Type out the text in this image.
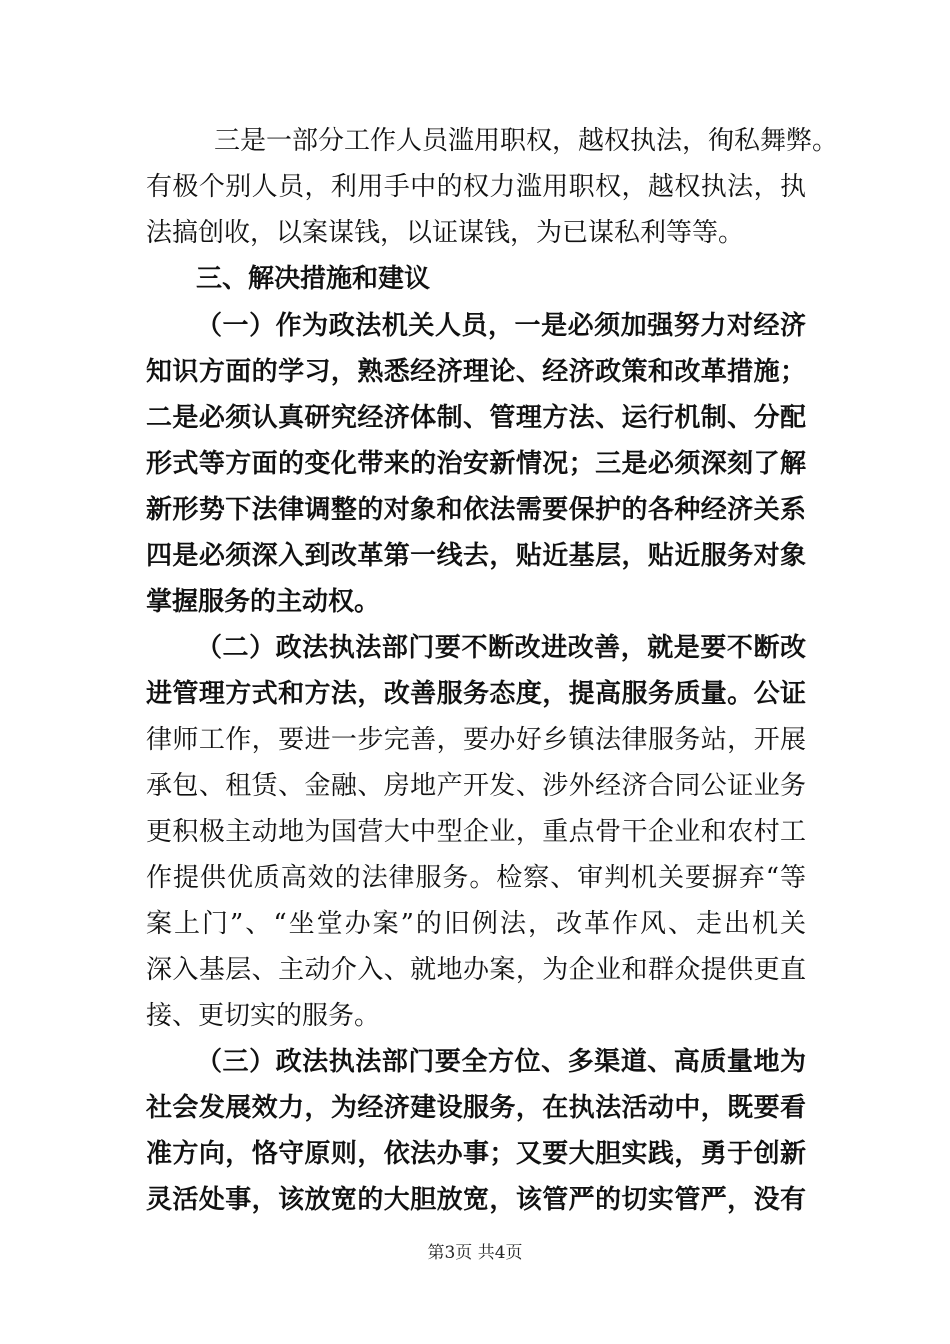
三是一部分工作人员滥用职权，越权执法，徇私舞弊。
有极个别人员，利用手中的权力滥用职权，越权执法，执
法搞创收，以案谋钱，以证谋钱，为已谋私利等等。
三、解决措施和建议
（一）作为政法机关人员，一是必须加强努力对经济
知识方面的学习，熟悉经济理论、经济政策和改革措施；
二是必须认真研究经济体制、管理方法、运行机制、分配
形式等方面的变化带来的治安新情况；三是必须深刻了解
新形势下法律调整的对象和依法需要保护的各种经济关系
四是必须深入到改革第一线去，贴近基层，贴近服务对象
掌握服务的主动权。
（二）政法执法部门要不断改进改善，就是要不断改
进管理方式和方法，改善服务态度，提高服务质量。公证
律师工作，要进一步完善，要办好乡镇法律服务站，开展
承包、租赁、金融、房地产开发、涉外经济合同公证业务
更积极主动地为国营大中型企业，重点骨干企业和农村工
作提供优质高效的法律服务。检察、审判机关要摒弃“等
案上门”、“坐堂办案”的旧例法，改革作风、走出机关
深入基层、主动介入、就地办案，为企业和群众提供更直
接、更切实的服务。
（三）政法执法部门要全方位、多渠道、高质量地为
社会发展效力，为经济建设服务，在执法活动中，既要看
准方向，恪守原则，依法办事；又要大胆实践，勇于创新
灵活处事，该放宽的大胆放宽，该管严的切实管严，没有
第3页 共4页
